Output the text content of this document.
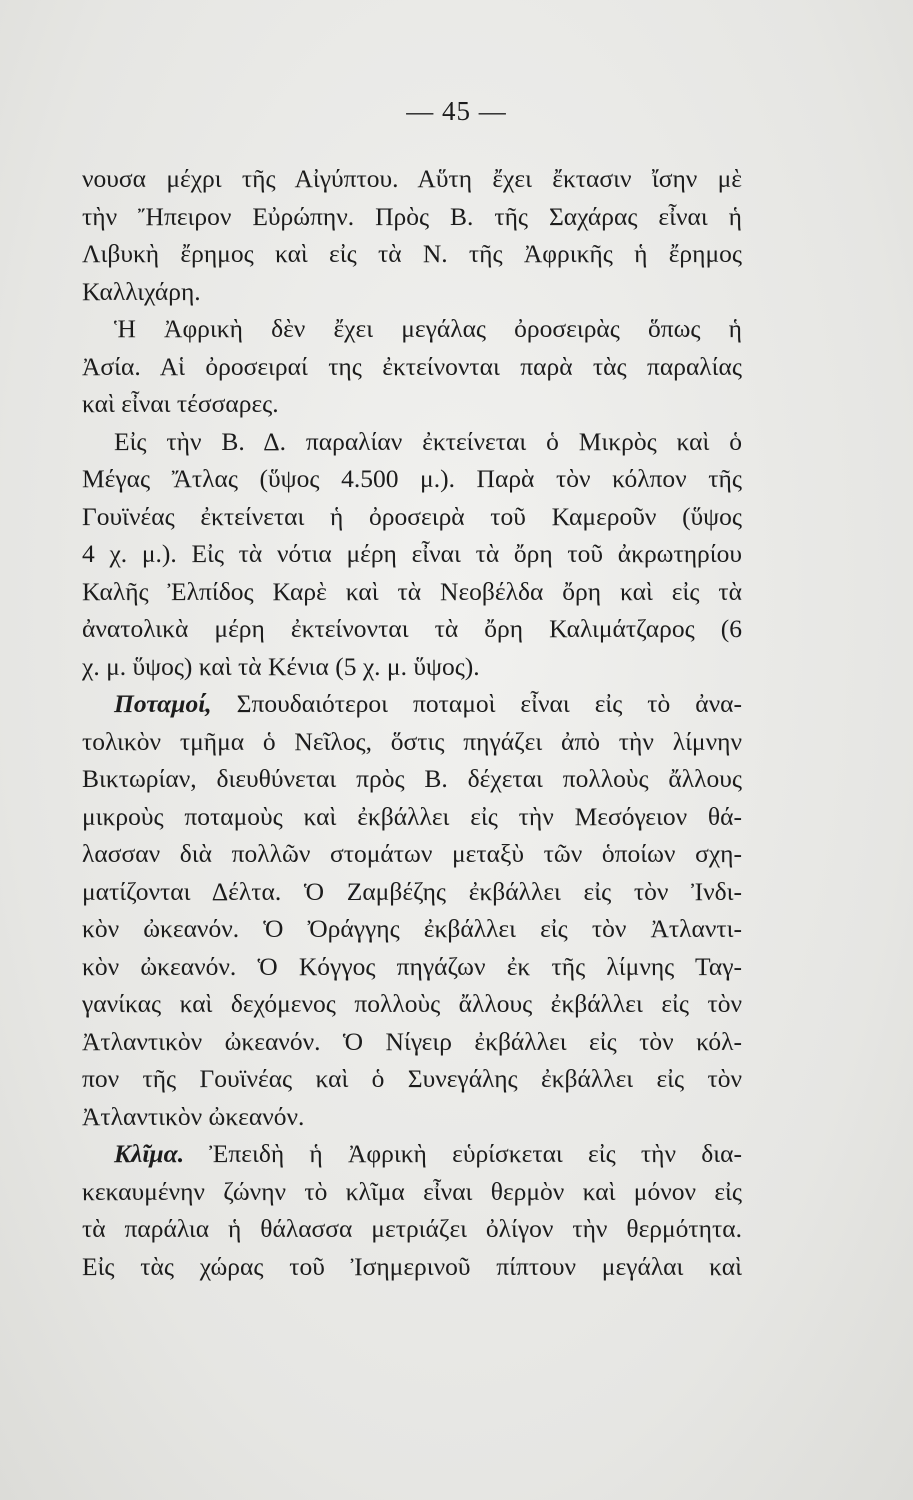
— 45 —
νουσα μέχρι τῆς Αἰγύπτου. Αὕτη ἔχει ἔκτασιν ἴσην μὲ
τὴν Ἤπειρον Εὐρώπην. Πρὸς Β. τῆς Σαχάρας εἶναι ἡ
Λιβυκὴ ἔρημος καὶ εἰς τὰ Ν. τῆς Ἀφρικῆς ἡ ἔρημος
Καλλιχάρη.
Ἡ Ἀφρικὴ δὲν ἔχει μεγάλας ὀροσειρὰς ὅπως ἡ
Ἀσία. Αἱ ὀροσειραί της ἐκτείνονται παρὰ τὰς παραλίας
καὶ εἶναι τέσσαρες.
Εἰς τὴν Β. Δ. παραλίαν ἐκτείνεται ὁ Μικρὸς καὶ ὁ
Μέγας Ἄτλας (ὕψος 4.500 μ.). Παρὰ τὸν κόλπον τῆς
Γουϊνέας ἐκτείνεται ἡ ὀροσειρὰ τοῦ Καμεροῦν (ὕψος
4 χ. μ.). Εἰς τὰ νότια μέρη εἶναι τὰ ὄρη τοῦ ἀκρωτηρίου
Καλῆς Ἐλπίδος Καρὲ καὶ τὰ Νεοβέλδα ὄρη καὶ εἰς τὰ
ἀνατολικὰ μέρη ἐκτείνονται τὰ ὄρη Καλιμάτζαρος (6
χ. μ. ὕψος) καὶ τὰ Κένια (5 χ. μ. ὕψος).
Ποταμοί, Σπουδαιότεροι ποταμοὶ εἶναι εἰς τὸ ἀνα-
τολικὸν τμῆμα ὁ Νεῖλος, ὅστις πηγάζει ἀπὸ τὴν λίμνην
Βικτωρίαν, διευθύνεται πρὸς Β. δέχεται πολλοὺς ἄλλους
μικροὺς ποταμοὺς καὶ ἐκβάλλει εἰς τὴν Μεσόγειον θά-
λασσαν διὰ πολλῶν στομάτων μεταξὺ τῶν ὁποίων σχη-
ματίζονται Δέλτα. Ὁ Ζαμβέζης ἐκβάλλει εἰς τὸν Ἰνδι-
κὸν ὠκεανόν. Ὁ Ὀράγγης ἐκβάλλει εἰς τὸν Ἀτλαντι-
κὸν ὠκεανόν. Ὁ Κόγγος πηγάζων ἐκ τῆς λίμνης Ταγ-
γανίκας καὶ δεχόμενος πολλοὺς ἄλλους ἐκβάλλει εἰς τὸν
Ἀτλαντικὸν ὠκεανόν. Ὁ Νίγειρ ἐκβάλλει εἰς τὸν κόλ-
πον τῆς Γουϊνέας καὶ ὁ Συνεγάλης ἐκβάλλει εἰς τὸν
Ἀτλαντικὸν ὠκεανόν.
Κλῖμα. Ἐπειδὴ ἡ Ἀφρικὴ εὑρίσκεται εἰς τὴν δια-
κεκαυμένην ζώνην τὸ κλῖμα εἶναι θερμὸν καὶ μόνον εἰς
τὰ παράλια ἡ θάλασσα μετριάζει ὀλίγον τὴν θερμότητα.
Εἰς τὰς χώρας τοῦ Ἰσημερινοῦ πίπτουν μεγάλαι καὶ
